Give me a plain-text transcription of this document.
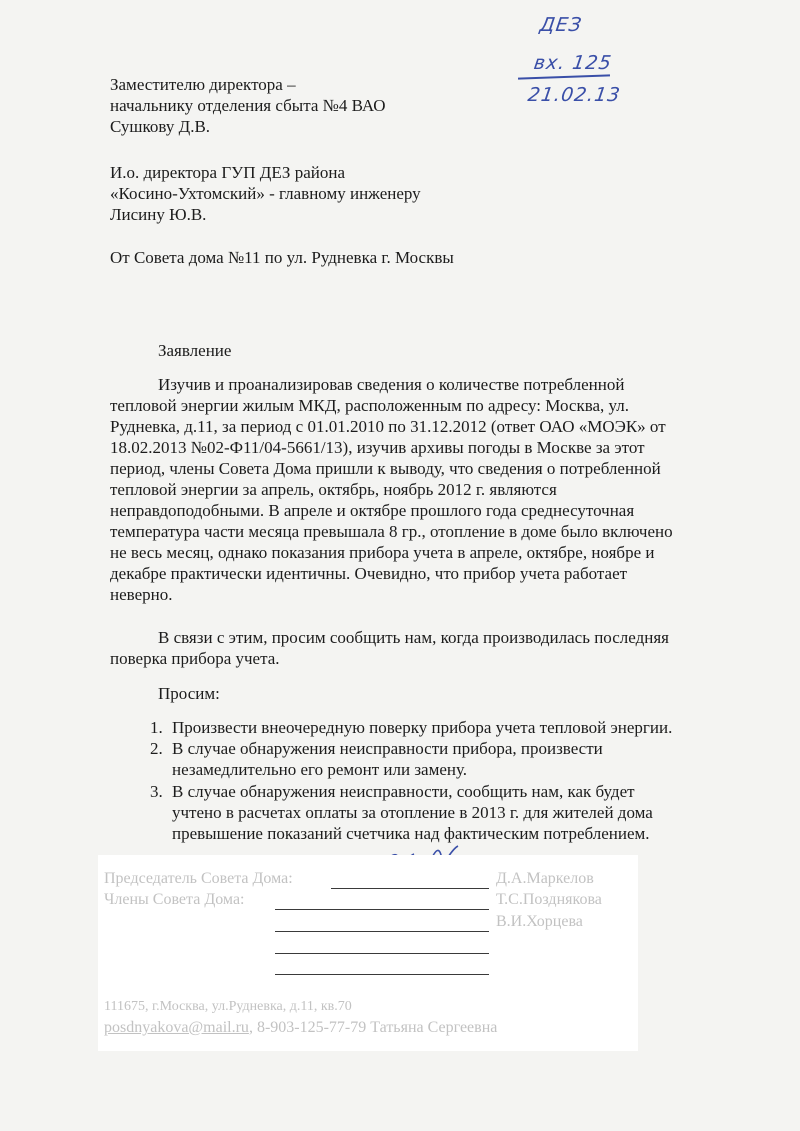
ДЕЗ
вх. 125
21.02.13
Заместителю директора –
начальнику отделения сбыта №4 ВАО
Сушкову Д.В.
И.о. директора ГУП ДЕЗ района
«Косино-Ухтомский» - главному инженеру
Лисину Ю.В.
От Совета дома №11 по ул. Рудневка г. Москвы
Заявление
Изучив и проанализировав сведения о количестве потребленной
тепловой энергии жилым МКД, расположенным по адресу: Москва, ул.
Рудневка, д.11, за период с 01.01.2010 по 31.12.2012 (ответ ОАО «МОЭК» от
18.02.2013 №02-Ф11/04-5661/13), изучив архивы погоды в Москве за этот
период, члены Совета Дома пришли к выводу, что сведения о потребленной
тепловой энергии за апрель, октябрь, ноябрь 2012 г. являются
неправдоподобными. В апреле и октябре прошлого года среднесуточная
температура части месяца превышала 8 гр., отопление в доме было включено
не весь месяц, однако показания прибора учета в апреле, октябре, ноябре и
декабре практически идентичны. Очевидно, что прибор учета работает
неверно.
В связи с этим, просим сообщить нам, когда производилась последняя
поверка прибора учета.
Просим:
1. Произвести внеочередную поверку прибора учета тепловой энергии.
2. В случае обнаружения неисправности прибора, произвести
незамедлительно его ремонт или замену.
3. В случае обнаружения неисправности, сообщить нам, как будет
учтено в расчетах оплаты за отопление в 2013 г. для жителей дома
превышение показаний счетчика над фактическим потреблением.
Председатель Совета Дома:	Д.А.Маркелов
Члены Совета Дома:	Т.С.Позднякова
В.И.Хорцева
111675, г.Москва, ул.Рудневка, д.11, кв.70
posdnyakova@mail.ru, 8-903-125-77-79 Татьяна Сергеевна
